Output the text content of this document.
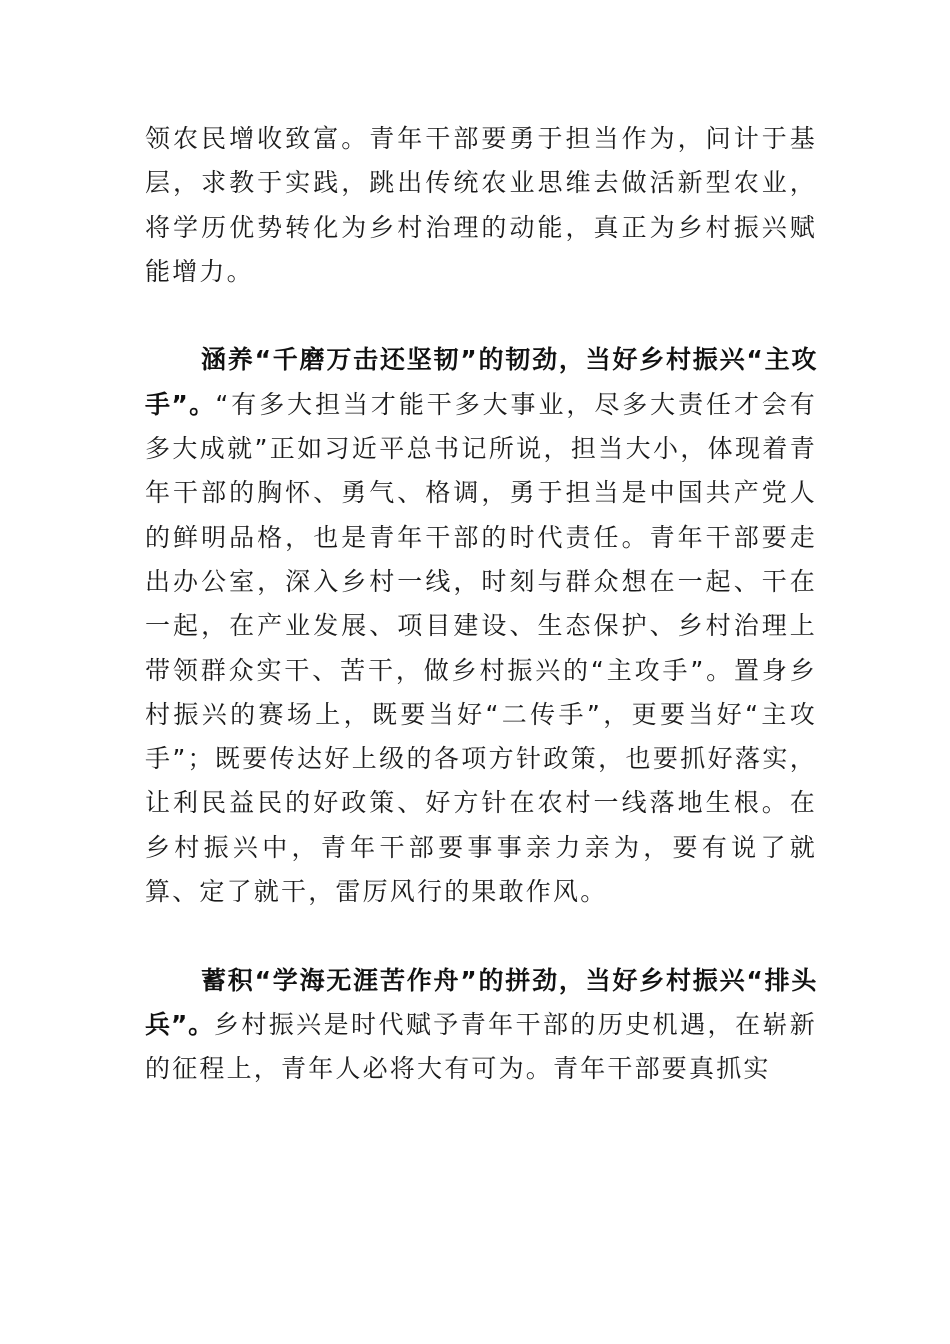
领农民增收致富。青年干部要勇于担当作为，问计于基层，求教于实践，跳出传统农业思维去做活新型农业，将学历优势转化为乡村治理的动能，真正为乡村振兴赋能增力。

涵养“千磨万击还坚韧”的韧劲，当好乡村振兴“主攻手”。“有多大担当才能干多大事业，尽多大责任才会有多大成就”正如习近平总书记所说，担当大小，体现着青年干部的胸怀、勇气、格调，勇于担当是中国共产党人的鲜明品格，也是青年干部的时代责任。青年干部要走出办公室，深入乡村一线，时刻与群众想在一起、干在一起，在产业发展、项目建设、生态保护、乡村治理上带领群众实干、苦干，做乡村振兴的“主攻手”。置身乡村振兴的赛场上，既要当好“二传手”，更要当好“主攻手”；既要传达好上级的各项方针政策，也要抓好落实，让利民益民的好政策、好方针在农村一线落地生根。在乡村振兴中，青年干部要事事亲力亲为，要有说了就算、定了就干，雷厉风行的果敢作风。

蓄积“学海无涯苦作舟”的拼劲，当好乡村振兴“排头兵”。乡村振兴是时代赋予青年干部的历史机遇，在崭新的征程上，青年人必将大有可为。青年干部要真抓实
